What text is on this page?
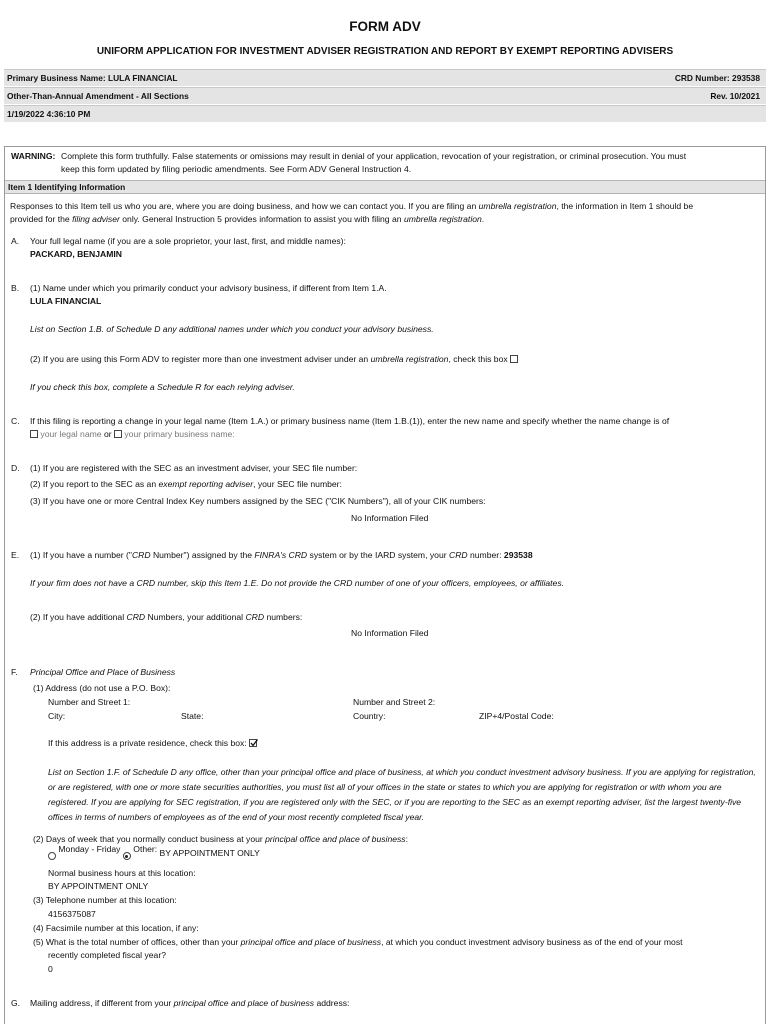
FORM ADV
UNIFORM APPLICATION FOR INVESTMENT ADVISER REGISTRATION AND REPORT BY EXEMPT REPORTING ADVISERS
Primary Business Name: LULA FINANCIAL	CRD Number: 293538
Other-Than-Annual Amendment - All Sections	Rev. 10/2021
1/19/2022 4:36:10 PM
WARNING: Complete this form truthfully. False statements or omissions may result in denial of your application, revocation of your registration, or criminal prosecution. You must
keep this form updated by filing periodic amendments. See Form ADV General Instruction 4.
Item 1 Identifying Information
Responses to this Item tell us who you are, where you are doing business, and how we can contact you. If you are filing an umbrella registration, the information in Item 1 should be
provided for the filing adviser only. General Instruction 5 provides information to assist you with filing an umbrella registration.
A. Your full legal name (if you are a sole proprietor, your last, first, and middle names):
PACKARD, BENJAMIN
B. (1) Name under which you primarily conduct your advisory business, if different from Item 1.A.
LULA FINANCIAL
List on Section 1.B. of Schedule D any additional names under which you conduct your advisory business.
(2) If you are using this Form ADV to register more than one investment adviser under an umbrella registration, check this box
If you check this box, complete a Schedule R for each relying adviser.
C. If this filing is reporting a change in your legal name (Item 1.A.) or primary business name (Item 1.B.(1)), enter the new name and specify whether the name change is of
your legal name or your primary business name:
D. (1) If you are registered with the SEC as an investment adviser, your SEC file number:
(2) If you report to the SEC as an exempt reporting adviser, your SEC file number:
(3) If you have one or more Central Index Key numbers assigned by the SEC ("CIK Numbers"), all of your CIK numbers:
No Information Filed
E. (1) If you have a number ("CRD Number") assigned by the FINRA's CRD system or by the IARD system, your CRD number: 293538
If your firm does not have a CRD number, skip this Item 1.E. Do not provide the CRD number of one of your officers, employees, or affiliates.
(2) If you have additional CRD Numbers, your additional CRD numbers:
No Information Filed
F. Principal Office and Place of Business
(1) Address (do not use a P.O. Box):
Number and Street 1:	Number and Street 2:
City:	State:	Country:	ZIP+4/Postal Code:
If this address is a private residence, check this box:
List on Section 1.F. of Schedule D any office, other than your principal office and place of business, at which you conduct investment advisory business. If you are applying for registration, or are registered, with one or more state securities authorities, you must list all of your offices in the state or states to which you are applying for registration or with whom you are registered. If you are applying for SEC registration, if you are registered only with the SEC, or if you are reporting to the SEC as an exempt reporting adviser, list the largest twenty-five offices in terms of numbers of employees as of the end of your most recently completed fiscal year.
(2) Days of week that you normally conduct business at your principal office and place of business:
Monday - Friday Other: BY APPOINTMENT ONLY
Normal business hours at this location:
BY APPOINTMENT ONLY
(3) Telephone number at this location:
4156375087
(4) Facsimile number at this location, if any:
(5) What is the total number of offices, other than your principal office and place of business, at which you conduct investment advisory business as of the end of your most
recently completed fiscal year?
0
G. Mailing address, if different from your principal office and place of business address:
